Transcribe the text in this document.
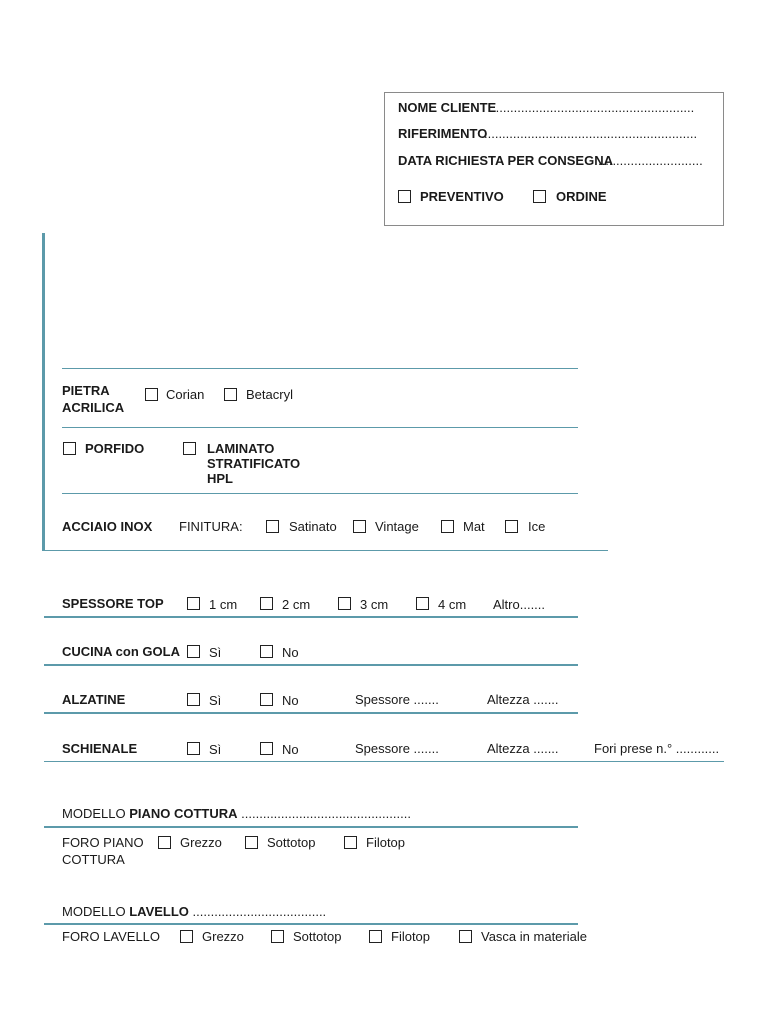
NOME CLIENTE
........................................................
RIFERIMENTO
...........................................................
DATA RICHIESTA PER CONSEGNA
.............................
PREVENTIVO	ORDINE
PIETRA
ACRILICA
Corian	Betacryl
PORFIDO	LAMINATO
STRATIFICATO
HPL
ACCIAIO INOX FINITURA:	Satinato	Vintage	Mat	Ice
SPESSORE TOP	1 cm	2 cm	3 cm	4 cm Altro.......
CUCINA con GOLA Sì	No
ALZATINE	Sì	No	Spessore .......	Altezza .......
SCHIENALE	Sì	No	Spessore .......	Altezza .......	Fori prese n.° ............
MODELLO PIANO COTTURA ...............................................
FORO PIANO
COTTURA
Grezzo	Sottotop	Filotop
MODELLO LAVELLO .....................................
FORO LAVELLO	Grezzo	Sottotop	Filotop	Vasca in materiale
